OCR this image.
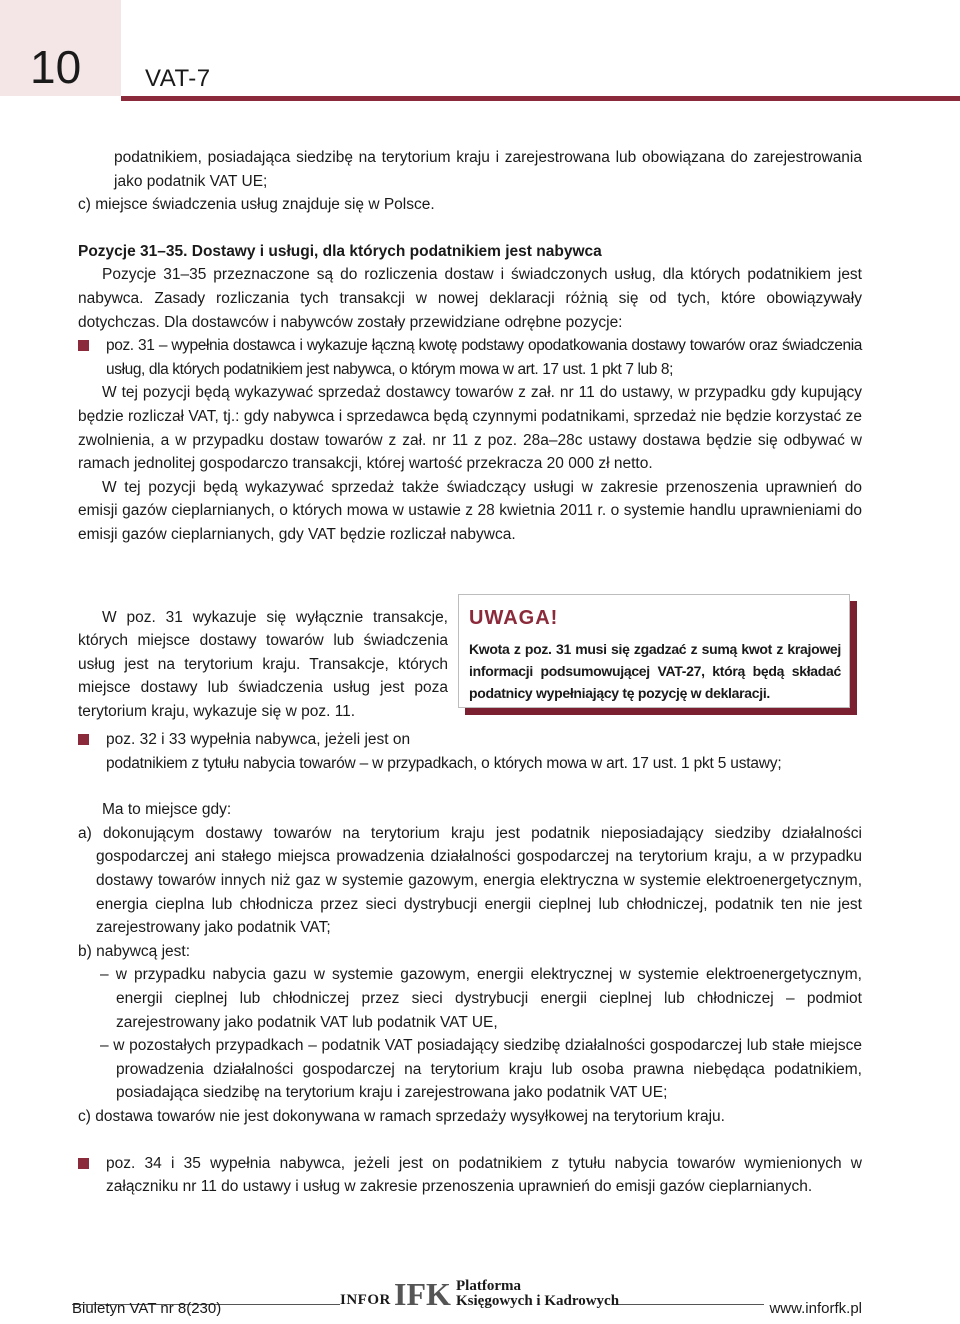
10	VAT-7

podatnikiem, posiadająca siedzibę na terytorium kraju i zarejestrowana lub obowiązana do zarejestrowania jako podatnik VAT UE;

c) miejsce świadczenia usług znajduje się w Polsce.

Pozycje 31–35. Dostawy i usługi, dla których podatnikiem jest nabywca

Pozycje 31–35 przeznaczone są do rozliczenia dostaw i świadczonych usług, dla których podatnikiem jest nabywca. Zasady rozliczania tych transakcji w nowej deklaracji różnią się od tych, które obowiązywały dotychczas. Dla dostawców i nabywców zostały przewidziane odrębne pozycje:

poz. 31 – wypełnia dostawca i wykazuje łączną kwotę podstawy opodatkowania dostawy towarów oraz świadczenia usług, dla których podatnikiem jest nabywca, o którym mowa w art. 17 ust. 1 pkt 7 lub 8;

W tej pozycji będą wykazywać sprzedaż dostawcy towarów z zał. nr 11 do ustawy, w przypadku gdy kupujący będzie rozliczał VAT, tj.: gdy nabywca i sprzedawca będą czynnymi podatnikami, sprzedaż nie będzie korzystać ze zwolnienia, a w przypadku dostaw towarów z zał. nr 11 z poz. 28a–28c ustawy dostawa będzie się odbywać w ramach jednolitej gospodarczo transakcji, której wartość przekracza 20 000 zł netto.

W tej pozycji będą wykazywać sprzedaż także świadczący usługi w zakresie przenoszenia uprawnień do emisji gazów cieplarnianych, o których mowa w ustawie z 28 kwietnia 2011 r. o systemie handlu uprawnieniami do emisji gazów cieplarnianych, gdy VAT będzie rozliczał nabywca.

W poz. 31 wykazuje się wyłącznie transakcje, których miejsce dostawy towarów lub świadczenia usług jest na terytorium kraju. Transakcje, których miejsce dostawy lub świadczenia usług jest poza terytorium kraju, wykazuje się w poz. 11.

UWAGA!
Kwota z poz. 31 musi się zgadzać z sumą kwot z krajowej informacji podsumowującej VAT-27, którą będą składać podatnicy wypełniający tę pozycję w deklaracji.

poz. 32 i 33 wypełnia nabywca, jeżeli jest on

podatnikiem z tytułu nabycia towarów – w przypadkach, o których mowa w art. 17 ust. 1 pkt 5 ustawy;

Ma to miejsce gdy:

a) dokonującym dostawy towarów na terytorium kraju jest podatnik nieposiadający siedziby działalności gospodarczej ani stałego miejsca prowadzenia działalności gospodarczej na terytorium kraju, a w przypadku dostawy towarów innych niż gaz w systemie gazowym, energia elektryczna w systemie elektroenergetycznym, energia cieplna lub chłodnicza przez sieci dystrybucji energii cieplnej lub chłodniczej, podatnik ten nie jest zarejestrowany jako podatnik VAT;

b) nabywcą jest:

– w przypadku nabycia gazu w systemie gazowym, energii elektrycznej w systemie elektroenergetycznym, energii cieplnej lub chłodniczej przez sieci dystrybucji energii cieplnej lub chłodniczej – podmiot zarejestrowany jako podatnik VAT lub podatnik VAT UE,

– w pozostałych przypadkach – podatnik VAT posiadający siedzibę działalności gospodarczej lub stałe miejsce prowadzenia działalności gospodarczej na terytorium kraju lub osoba prawna niebędąca podatnikiem, posiadająca siedzibę na terytorium kraju i zarejestrowana jako podatnik VAT UE;

c) dostawa towarów nie jest dokonywana w ramach sprzedaży wysyłkowej na terytorium kraju.

poz. 34 i 35 wypełnia nabywca, jeżeli jest on podatnikiem z tytułu nabycia towarów wymienionych w załączniku nr 11 do ustawy i usług w zakresie przenoszenia uprawnień do emisji gazów cieplarnianych.

INFOR IFK Platforma
Księgowych i Kadrowych
Biuletyn VAT nr 8(230)	www.inforfk.pl
